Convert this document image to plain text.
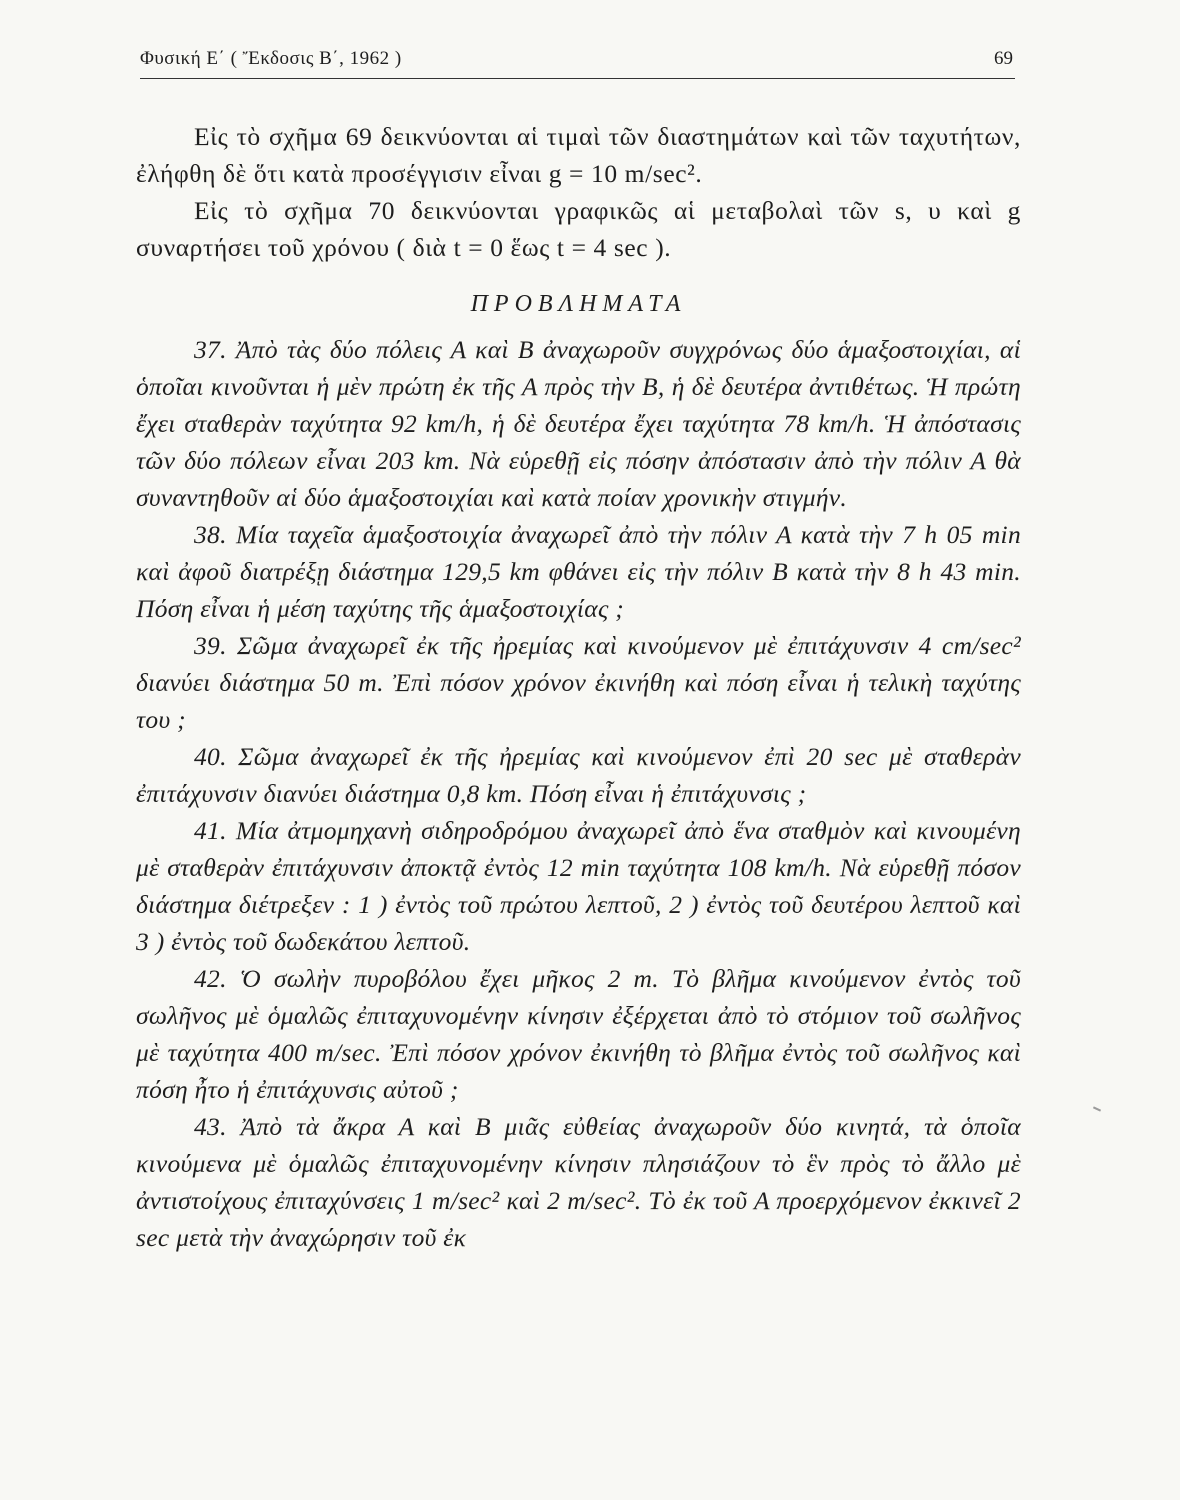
Φυσική Ε΄ ( Ἔκδοσις Β΄, 1962 )	69

Εἰς τὸ σχῆμα 69 δεικνύονται αἱ τιμαὶ τῶν διαστημάτων καὶ τῶν ταχυτήτων, ἐλήφθη δὲ ὅτι κατὰ προσέγγισιν εἶναι g = 10 m/sec².

Εἰς τὸ σχῆμα 70 δεικνύονται γραφικῶς αἱ μεταβολαὶ τῶν s, υ καὶ g συναρτήσει τοῦ χρόνου ( διὰ t = 0 ἕως t = 4 sec ).

ΠΡΟΒΛΗΜΑΤΑ

37. Ἀπὸ τὰς δύο πόλεις Α καὶ Β ἀναχωροῦν συγχρόνως δύο ἁμαξοστοιχίαι, αἱ ὁποῖαι κινοῦνται ἡ μὲν πρώτη ἐκ τῆς Α πρὸς τὴν Β, ἡ δὲ δευτέρα ἀντιθέτως. Ἡ πρώτη ἔχει σταθερὰν ταχύτητα 92 km/h, ἡ δὲ δευτέρα ἔχει ταχύτητα 78 km/h. Ἡ ἀπόστασις τῶν δύο πόλεων εἶναι 203 km. Νὰ εὑρεθῇ εἰς πόσην ἀπόστασιν ἀπὸ τὴν πόλιν Α θὰ συναντηθοῦν αἱ δύο ἁμαξοστοιχίαι καὶ κατὰ ποίαν χρονικὴν στιγμήν.

38. Μία ταχεῖα ἁμαξοστοιχία ἀναχωρεῖ ἀπὸ τὴν πόλιν Α κατὰ τὴν 7 h 05 min καὶ ἀφοῦ διατρέξῃ διάστημα 129,5 km φθάνει εἰς τὴν πόλιν Β κατὰ τὴν 8 h 43 min. Πόση εἶναι ἡ μέση ταχύτης τῆς ἁμαξοστοιχίας ;

39. Σῶμα ἀναχωρεῖ ἐκ τῆς ἠρεμίας καὶ κινούμενον μὲ ἐπιτάχυνσιν 4 cm/sec² διανύει διάστημα 50 m. Ἐπὶ πόσον χρόνον ἐκινήθη καὶ πόση εἶναι ἡ τελικὴ ταχύτης του ;

40. Σῶμα ἀναχωρεῖ ἐκ τῆς ἠρεμίας καὶ κινούμενον ἐπὶ 20 sec μὲ σταθερὰν ἐπιτάχυνσιν διανύει διάστημα 0,8 km. Πόση εἶναι ἡ ἐπιτάχυνσις ;

41. Μία ἀτμομηχανὴ σιδηροδρόμου ἀναχωρεῖ ἀπὸ ἕνα σταθμὸν καὶ κινουμένη μὲ σταθερὰν ἐπιτάχυνσιν ἀποκτᾷ ἐντὸς 12 min ταχύτητα 108 km/h. Νὰ εὑρεθῇ πόσον διάστημα διέτρεξεν : 1 ) ἐντὸς τοῦ πρώτου λεπτοῦ, 2 ) ἐντὸς τοῦ δευτέρου λεπτοῦ καὶ 3 ) ἐντὸς τοῦ δωδεκάτου λεπτοῦ.

42. Ὁ σωλὴν πυροβόλου ἔχει μῆκος 2 m. Τὸ βλῆμα κινούμενον ἐντὸς τοῦ σωλῆνος μὲ ὁμαλῶς ἐπιταχυνομένην κίνησιν ἐξέρχεται ἀπὸ τὸ στόμιον τοῦ σωλῆνος μὲ ταχύτητα 400 m/sec. Ἐπὶ πόσον χρόνον ἐκινήθη τὸ βλῆμα ἐντὸς τοῦ σωλῆνος καὶ πόση ἦτο ἡ ἐπιτάχυνσις αὐτοῦ ;

43. Ἀπὸ τὰ ἄκρα Α καὶ Β μιᾶς εὐθείας ἀναχωροῦν δύο κινητά, τὰ ὁποῖα κινούμενα μὲ ὁμαλῶς ἐπιταχυνομένην κίνησιν πλησιάζουν τὸ ἓν πρὸς τὸ ἄλλο μὲ ἀντιστοίχους ἐπιταχύνσεις 1 m/sec² καὶ 2 m/sec². Τὸ ἐκ τοῦ Α προερχόμενον ἐκκινεῖ 2 sec μετὰ τὴν ἀναχώρησιν τοῦ ἐκ
